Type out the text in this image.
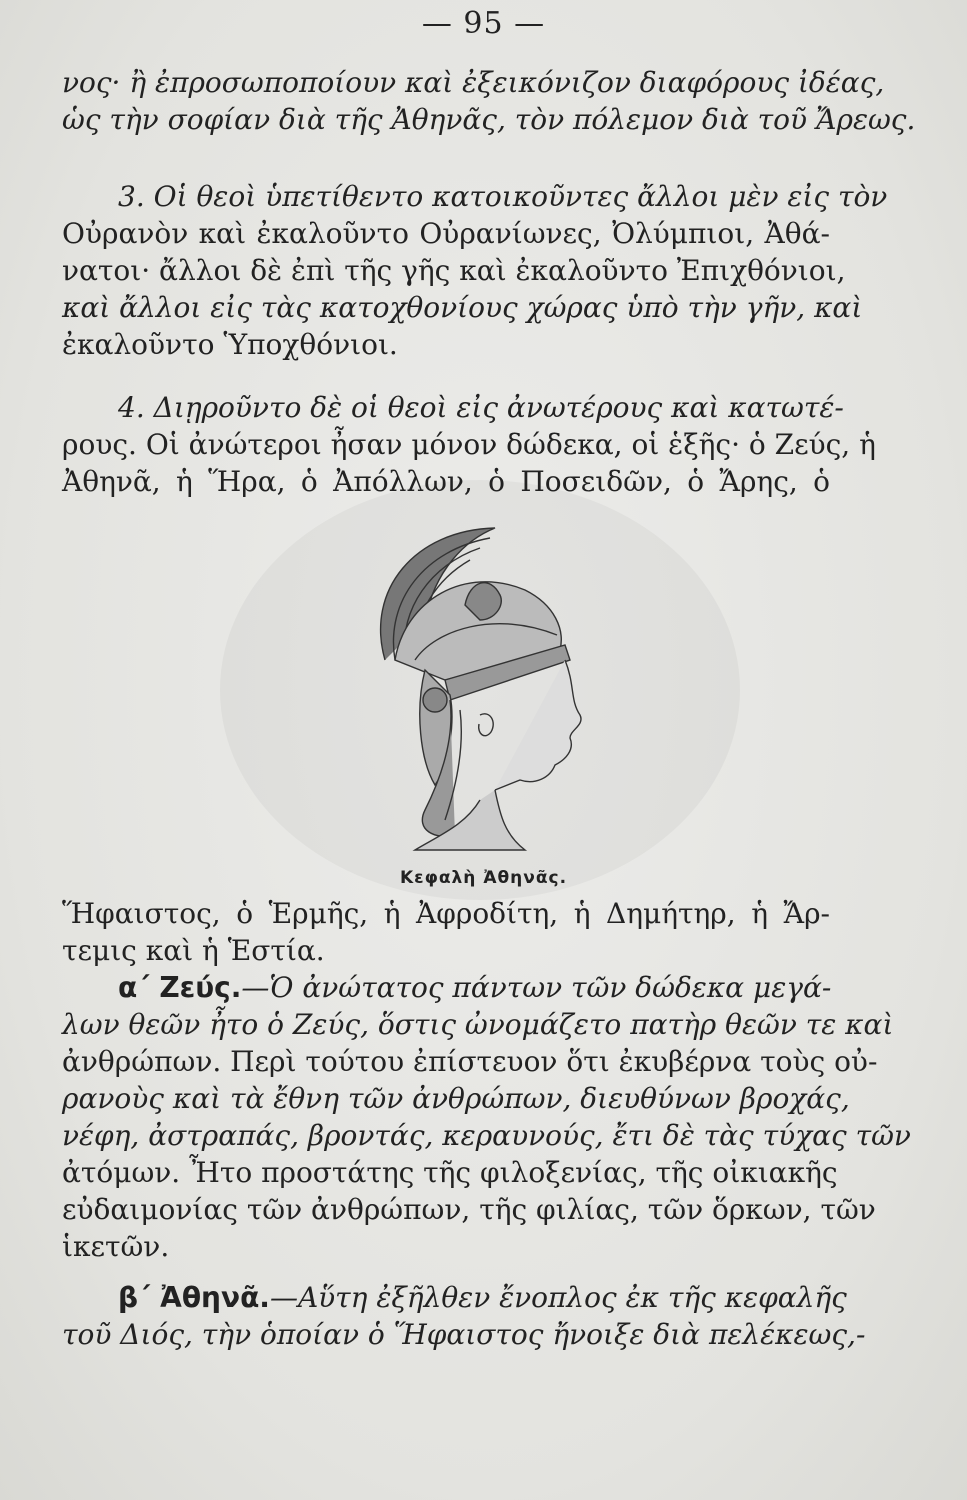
— 95 —
νος· ἢ ἐπροσωποποίουν καὶ ἐξεικόνιζον διαφόρους ἰδέας,
ὡς τὴν σοφίαν διὰ τῆς Ἀθηνᾶς, τὸν πόλεμον διὰ τοῦ Ἄρεως.
3. Οἱ θεοὶ ὑπετίθεντο κατοικοῦντες ἄλλοι μὲν εἰς τὸν
Οὐρανὸν καὶ ἐκαλοῦντο Οὐρανίωνες, Ὀλύμπιοι, Ἀθά-
νατοι· ἄλλοι δὲ ἐπὶ τῆς γῆς καὶ ἐκαλοῦντο Ἐπιχθόνιοι,
καὶ ἄλλοι εἰς τὰς κατοχθονίους χώρας ὑπὸ τὴν γῆν, καὶ
ἐκαλοῦντο Ὑποχθόνιοι.
4. Διῃροῦντο δὲ οἱ θεοὶ εἰς ἀνωτέρους καὶ κατωτέ-
ρους. Οἱ ἀνώτεροι ἦσαν μόνον δώδεκα, οἱ ἑξῆς· ὁ Ζεύς, ἡ
Ἀθηνᾶ, ἡ Ἥρα, ὁ Ἀπόλλων, ὁ Ποσειδῶν, ὁ Ἄρης, ὁ
Κεφαλὴ Ἀθηνᾶς.
Ἥφαιστος, ὁ Ἑρμῆς, ἡ Ἀφροδίτη, ἡ Δημήτηρ, ἡ Ἄρ-
τεμις καὶ ἡ Ἑστία.
α΄ Ζεύς.—Ὁ ἀνώτατος πάντων τῶν δώδεκα μεγά-
λων θεῶν ἦτο ὁ Ζεύς, ὅστις ὠνομάζετο πατὴρ θεῶν τε καὶ
ἀνθρώπων. Περὶ τούτου ἐπίστευον ὅτι ἐκυβέρνα τοὺς οὐ-
ρανοὺς καὶ τὰ ἔθνη τῶν ἀνθρώπων, διευθύνων βροχάς,
νέφη, ἀστραπάς, βροντάς, κεραυνούς, ἔτι δὲ τὰς τύχας τῶν
ἀτόμων. Ἦτο προστάτης τῆς φιλοξενίας, τῆς οἰκιακῆς
εὐδαιμονίας τῶν ἀνθρώπων, τῆς φιλίας, τῶν ὅρκων, τῶν
ἱκετῶν.
β΄ Ἀθηνᾶ.—Αὕτη ἐξῆλθεν ἔνοπλος ἐκ τῆς κεφαλῆς
τοῦ Διός, τὴν ὁποίαν ὁ Ἥφαιστος ἤνοιξε διὰ πελέκεως,-
